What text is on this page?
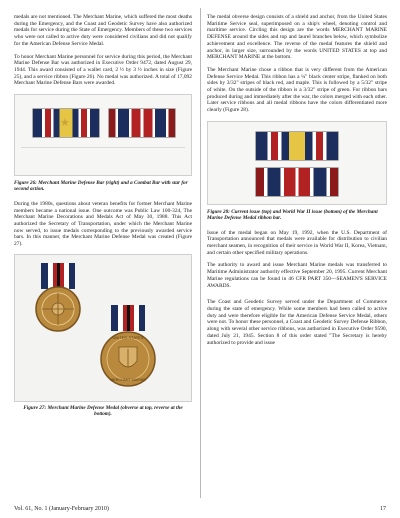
medals are not mentioned. The Merchant Marine, which suffered the most deaths during the Emergency, and the Coast and Geodetic Survey have also authorized medals for service during the State of Emergency. Members of these two services who were not called to active duty were considered civilians and did not qualify for the American Defense Service Medal.

To honor Merchant Marine personnel for service during this period, the Merchant Marine Defense Bar was authorized in Executive Order 9472, dated August 29, 1944. This award consisted of a wallet card, 2 ½ by 3 ½ inches in size (Figure 25), and a service ribbon (Figure 26). No medal was authorized. A total of 17,092 Merchant Marine Defense Bars were awarded.

★

Figure 26: Merchant Marine Defense Bar (right) and a Combat Bar with star for second action.

During the 1980s, questions about veteran benefits for former Merchant Marine members became a national issue. One outcome was Public Law 100-324, The Merchant Marine Decorations and Medals Act of May 30, 1988. This Act authorized the Secretary of Transportation, under which the Merchant Marine now served, to issue medals corresponding to the previously awarded service bars. In this manner, the Merchant Marine Defense Medal was created (Figure 27).

UNITED STATES
MERCHANT MARINE

Figure 27: Merchant Marine Defense Medal (obverse at top, reverse at the bottom).

The medal obverse design consists of a shield and anchor, from the United States Maritime Service seal, superimposed on a ship's wheel, denoting control and maritime service. Circling this design are the words MERCHANT MARINE DEFENSE around the sides and top and laurel branches below, which symbolize achievement and excellence. The reverse of the medal features the shield and anchor, in larger size, surrounded by the words UNITED STATES at top and MERCHANT MARINE at the bottom.

The Merchant Marine chose a ribbon that is very different from the American Defense Service Medal. This ribbon has a ¼" black center stripe, flanked on both sides by 3/32" stripes of black red, and maple. This is followed by a 5/32" stripe of white. On the outside of the ribbon is a 3/32" stripe of green. For ribbon bars produced during and immediately after the war, the colors merged with each other. Later service ribbons and all medal ribbons have the colors differentiated more clearly (Figure 28).

Figure 28: Current issue (top) and World War II issue (bottom) of the Merchant Marine Defense Medal ribbon bar.

Issue of the medal began on May 19, 1992, when the U.S. Department of Transportation announced that medals were available for distribution to civilian merchant seamen, in recognition of their service in World War II, Korea, Vietnam, and certain other specified military operations.

The authority to award and issue Merchant Marine medals was transferred to Maritime Administrator authority effective September 20, 1995. Current Merchant Marine regulations can be found in 46 CFR PART 350—SEAMEN'S SERVICE AWARDS.

The Coast and Geodetic Survey served under the Department of Commerce during the state of emergency. While some members had been called to active duty and were therefore eligible for the American Defense Service Medal, others were not. To honor these personnel, a Coast and Geodetic Survey Defense Ribbon, along with several other service ribbons, was authorized in Executive Order 9590, dated July 21, 1945. Section 8 of this order stated "The Secretary is hereby authorized to provide and issue

Vol. 61, No. 1 (January-February 2010)	17
